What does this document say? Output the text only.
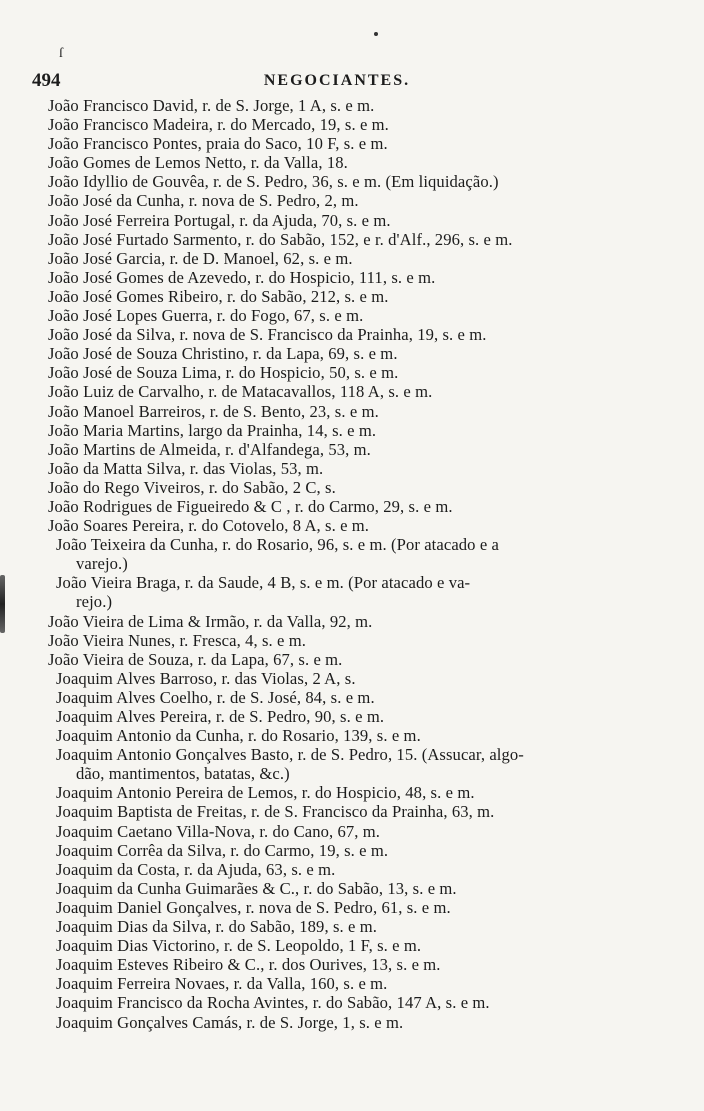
ſ
494	NEGOCIANTES.
João Francisco David, r. de S. Jorge, 1 A, s. e m.
João Francisco Madeira, r. do Mercado, 19, s. e m.
João Francisco Pontes, praia do Saco, 10 F, s. e m.
João Gomes de Lemos Netto, r. da Valla, 18.
João Idyllio de Gouvêa, r. de S. Pedro, 36, s. e m. (Em liquidação.)
João José da Cunha, r. nova de S. Pedro, 2, m.
João José Ferreira Portugal, r. da Ajuda, 70, s. e m.
João José Furtado Sarmento, r. do Sabão, 152, e r. d'Alf., 296, s. e m.
João José Garcia, r. de D. Manoel, 62, s. e m.
João José Gomes de Azevedo, r. do Hospicio, 111, s. e m.
João José Gomes Ribeiro, r. do Sabão, 212, s. e m.
João José Lopes Guerra, r. do Fogo, 67, s. e m.
João José da Silva, r. nova de S. Francisco da Prainha, 19, s. e m.
João José de Souza Christino, r. da Lapa, 69, s. e m.
João José de Souza Lima, r. do Hospicio, 50, s. e m.
João Luiz de Carvalho, r. de Matacavallos, 118 A, s. e m.
João Manoel Barreiros, r. de S. Bento, 23, s. e m.
João Maria Martins, largo da Prainha, 14, s. e m.
João Martins de Almeida, r. d'Alfandega, 53, m.
João da Matta Silva, r. das Violas, 53, m.
João do Rego Viveiros, r. do Sabão, 2 C, s.
João Rodrigues de Figueiredo & C , r. do Carmo, 29, s. e m.
João Soares Pereira, r. do Cotovelo, 8 A, s. e m.
João Teixeira da Cunha, r. do Rosario, 96, s. e m. (Por atacado e a
varejo.)
João Vieira Braga, r. da Saude, 4 B, s. e m. (Por atacado e va-
rejo.)
João Vieira de Lima & Irmão, r. da Valla, 92, m.
João Vieira Nunes, r. Fresca, 4, s. e m.
João Vieira de Souza, r. da Lapa, 67, s. e m.
Joaquim Alves Barroso, r. das Violas, 2 A, s.
Joaquim Alves Coelho, r. de S. José, 84, s. e m.
Joaquim Alves Pereira, r. de S. Pedro, 90, s. e m.
Joaquim Antonio da Cunha, r. do Rosario, 139, s. e m.
Joaquim Antonio Gonçalves Basto, r. de S. Pedro, 15. (Assucar, algo-
dão, mantimentos, batatas, &c.)
Joaquim Antonio Pereira de Lemos, r. do Hospicio, 48, s. e m.
Joaquim Baptista de Freitas, r. de S. Francisco da Prainha, 63, m.
Joaquim Caetano Villa-Nova, r. do Cano, 67, m.
Joaquim Corrêa da Silva, r. do Carmo, 19, s. e m.
Joaquim da Costa, r. da Ajuda, 63, s. e m.
Joaquim da Cunha Guimarães & C., r. do Sabão, 13, s. e m.
Joaquim Daniel Gonçalves, r. nova de S. Pedro, 61, s. e m.
Joaquim Dias da Silva, r. do Sabão, 189, s. e m.
Joaquim Dias Victorino, r. de S. Leopoldo, 1 F, s. e m.
Joaquim Esteves Ribeiro & C., r. dos Ourives, 13, s. e m.
Joaquim Ferreira Novaes, r. da Valla, 160, s. e m.
Joaquim Francisco da Rocha Avintes, r. do Sabão, 147 A, s. e m.
Joaquim Gonçalves Camás, r. de S. Jorge, 1, s. e m.
